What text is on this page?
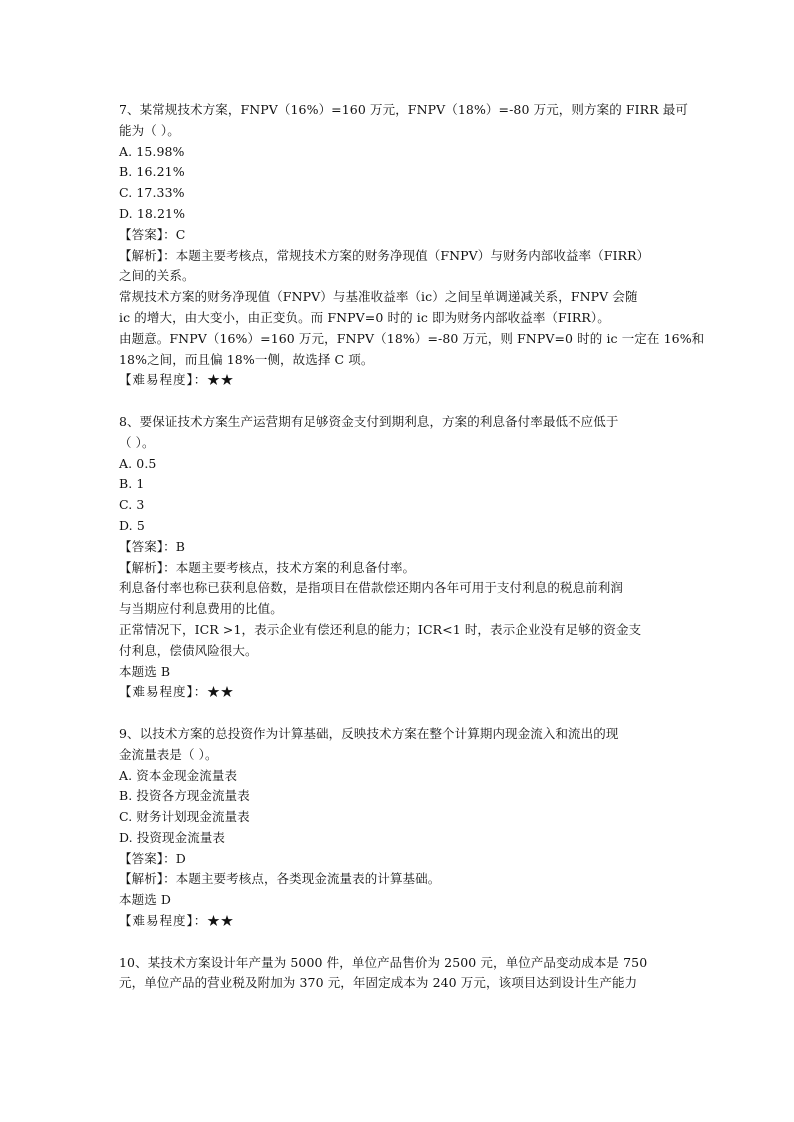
7、某常规技术方案，FNPV（16%）=160 万元，FNPV（18%）=-80 万元，则方案的 FIRR 最可
能为（ ）。
A. 15.98%
B. 16.21%
C. 17.33%
D. 18.21%
【答案】：C
【解析】：本题主要考核点，常规技术方案的财务净现值（FNPV）与财务内部收益率（FIRR）
之间的关系。
常规技术方案的财务净现值（FNPV）与基准收益率（ic）之间呈单调递减关系，FNPV 会随
ic 的增大，由大变小，由正变负。而 FNPV=0 时的 ic 即为财务内部收益率（FIRR）。
由题意。FNPV（16%）=160 万元，FNPV（18%）=-80 万元，则 FNPV=0 时的 ic 一定在 16%和
18%之间，而且偏 18%一侧，故选择 C 项。
【难易程度】：★★
8、要保证技术方案生产运营期有足够资金支付到期利息，方案的利息备付率最低不应低于
（ ）。
A. 0.5
B. 1
C. 3
D. 5
【答案】：B
【解析】：本题主要考核点，技术方案的利息备付率。
利息备付率也称已获利息倍数，是指项目在借款偿还期内各年可用于支付利息的税息前利润
与当期应付利息费用的比值。
正常情况下，ICR >1，表示企业有偿还利息的能力；ICR<1 时，表示企业没有足够的资金支
付利息，偿债风险很大。
本题选 B
【难易程度】：★★
9、以技术方案的总投资作为计算基础，反映技术方案在整个计算期内现金流入和流出的现
金流量表是（ ）。
A. 资本金现金流量表
B. 投资各方现金流量表
C. 财务计划现金流量表
D. 投资现金流量表
【答案】：D
【解析】：本题主要考核点，各类现金流量表的计算基础。
本题选 D
【难易程度】：★★
10、某技术方案设计年产量为 5000 件，单位产品售价为 2500 元，单位产品变动成本是 750
元，单位产品的营业税及附加为 370 元，年固定成本为 240 万元，该项目达到设计生产能力
